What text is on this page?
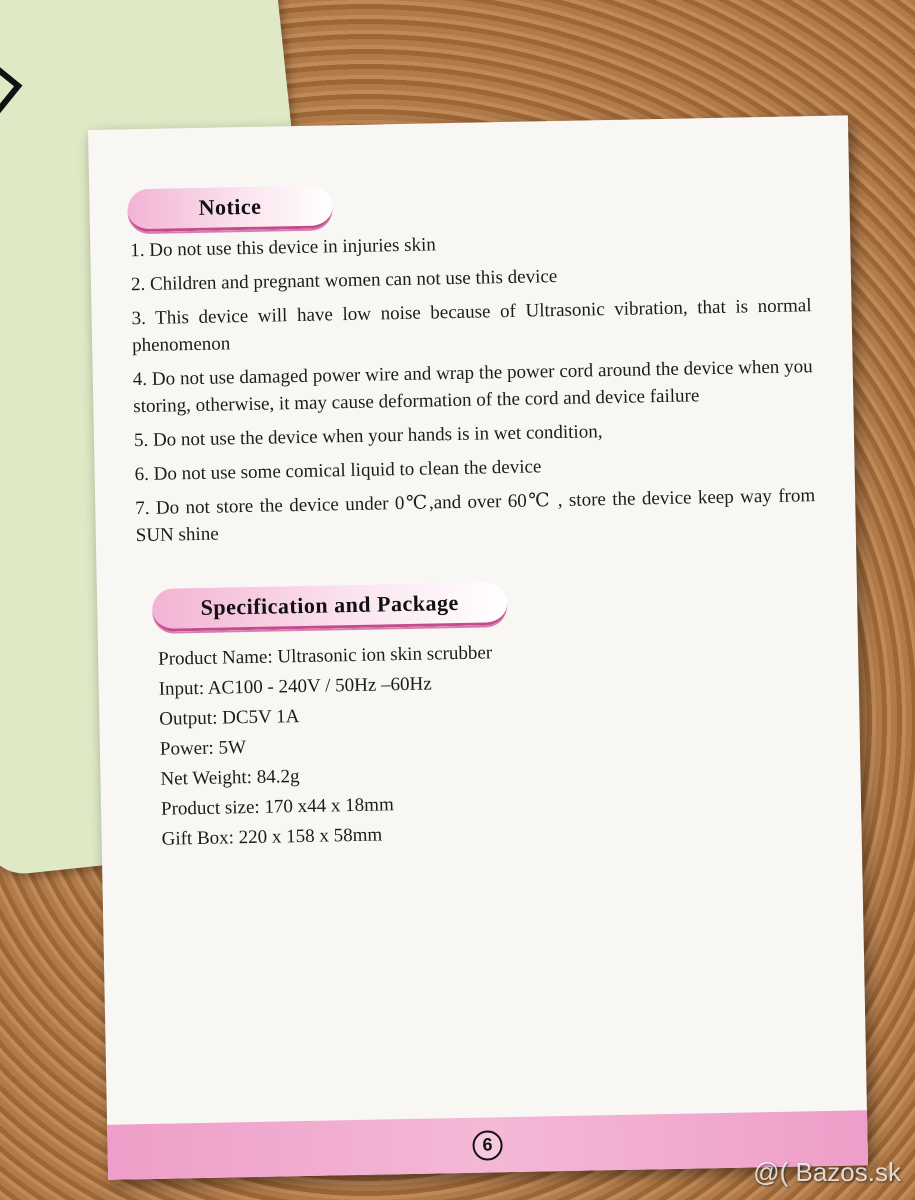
Notice
1. Do not use this device in injuries skin
2. Children and pregnant women can not use this device
3. This device will have low noise because of Ultrasonic vibration, that is normal phenomenon
4. Do not use damaged power wire and wrap the power cord around the device when you storing, otherwise, it may cause deformation of the cord and device failure
5. Do not use the device when your hands is in wet condition,
6. Do not use some comical liquid to clean the device
7. Do not store the device under 0℃,and over 60℃ , store the device keep way from SUN shine
Specification and Package
Product Name: Ultrasonic ion skin scrubber
Input: AC100 - 240V / 50Hz –60Hz
Output: DC5V 1A
Power: 5W
Net Weight: 84.2g
Product size: 170 x44 x 18mm
Gift Box: 220 x 158 x 58mm
6
@( Bazos.sk
